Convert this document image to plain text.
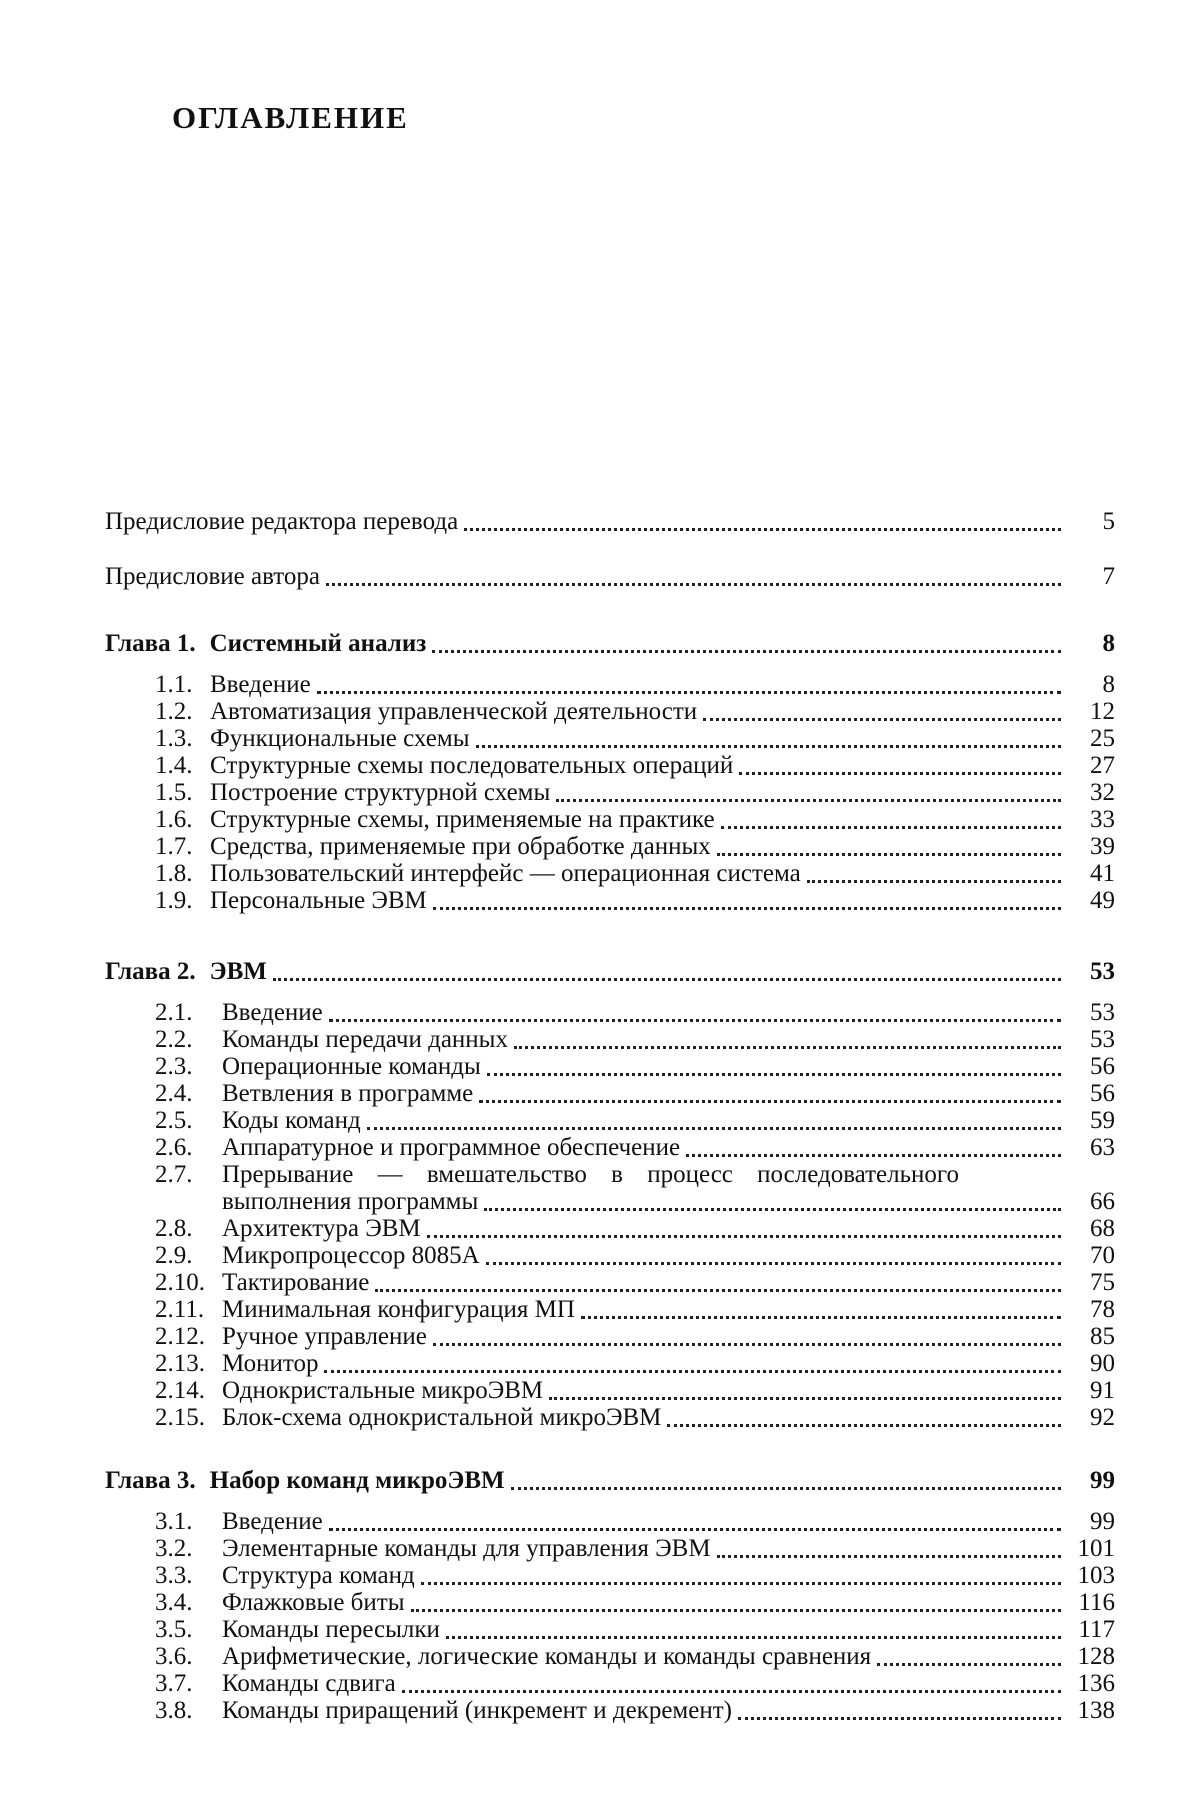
ОГЛАВЛЕНИЕ
Предисловие редактора перевода	5
Предисловие автора	7
Глава 1. Системный анализ	8
1.1. Введение	8
1.2. Автоматизация управленческой деятельности	12
1.3. Функциональные схемы	25
1.4. Структурные схемы последовательных операций	27
1.5. Построение структурной схемы	32
1.6. Структурные схемы, применяемые на практике	33
1.7. Средства, применяемые при обработке данных	39
1.8. Пользовательский интерфейс — операционная система	41
1.9. Персональные ЭВМ	49
Глава 2. ЭВМ	53
2.1. Введение	53
2.2. Команды передачи данных	53
2.3. Операционные команды	56
2.4. Ветвления в программе	56
2.5. Коды команд	59
2.6. Аппаратурное и программное обеспечение	63
2.7. Прерывание — вмешательство в процесс последовательного
выполнения программы	66
2.8. Архитектура ЭВМ	68
2.9. Микропроцессор 8085A	70
2.10. Тактирование	75
2.11. Минимальная конфигурация МП	78
2.12. Ручное управление	85
2.13. Монитор	90
2.14. Однокристальные микроЭВМ	91
2.15. Блок-схема однокристальной микроЭВМ	92
Глава 3. Набор команд микроЭВМ	99
3.1. Введение	99
3.2. Элементарные команды для управления ЭВМ	101
3.3. Структура команд	103
3.4. Флажковые биты	116
3.5. Команды пересылки	117
3.6. Арифметические, логические команды и команды сравнения	128
3.7. Команды сдвига	136
3.8. Команды приращений (инкремент и декремент)	138
